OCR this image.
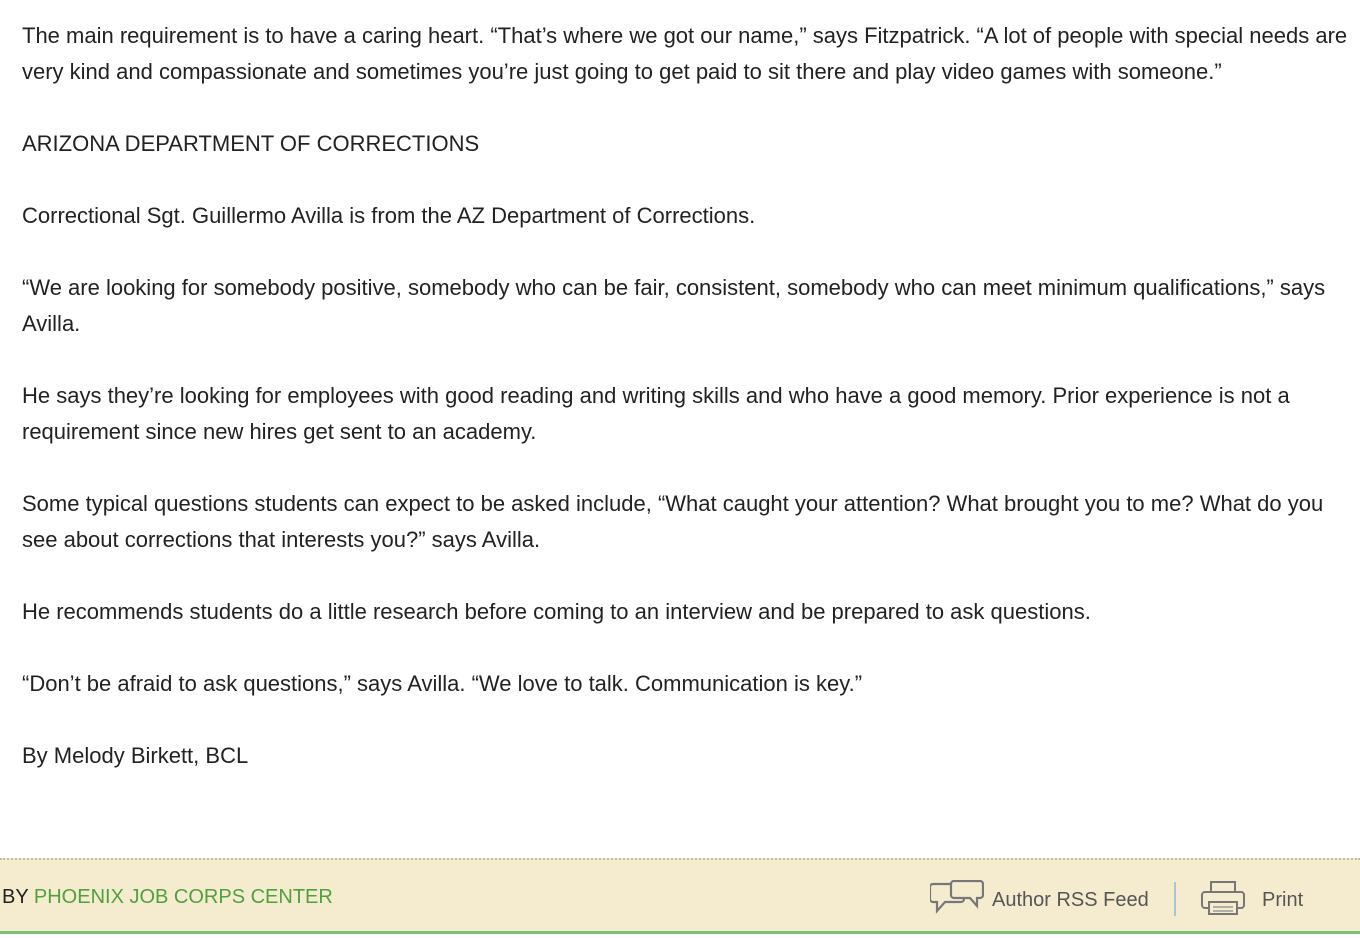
The main requirement is to have a caring heart. “That’s where we got our name,” says Fitzpatrick. “A lot of people with special needs are very kind and compassionate and sometimes you’re just going to get paid to sit there and play video games with someone.”

ARIZONA DEPARTMENT OF CORRECTIONS

Correctional Sgt. Guillermo Avilla is from the AZ Department of Corrections.

“We are looking for somebody positive, somebody who can be fair, consistent, somebody who can meet minimum qualifications,” says Avilla.

He says they’re looking for employees with good reading and writing skills and who have a good memory. Prior experience is not a requirement since new hires get sent to an academy.

Some typical questions students can expect to be asked include, “What caught your attention? What brought you to me? What do you see about corrections that interests you?” says Avilla.

He recommends students do a little research before coming to an interview and be prepared to ask questions.

“Don’t be afraid to ask questions,” says Avilla. “We love to talk. Communication is key.”

By Melody Birkett, BCL

BY PHOENIX JOB CORPS CENTER	Author RSS Feed	Print
